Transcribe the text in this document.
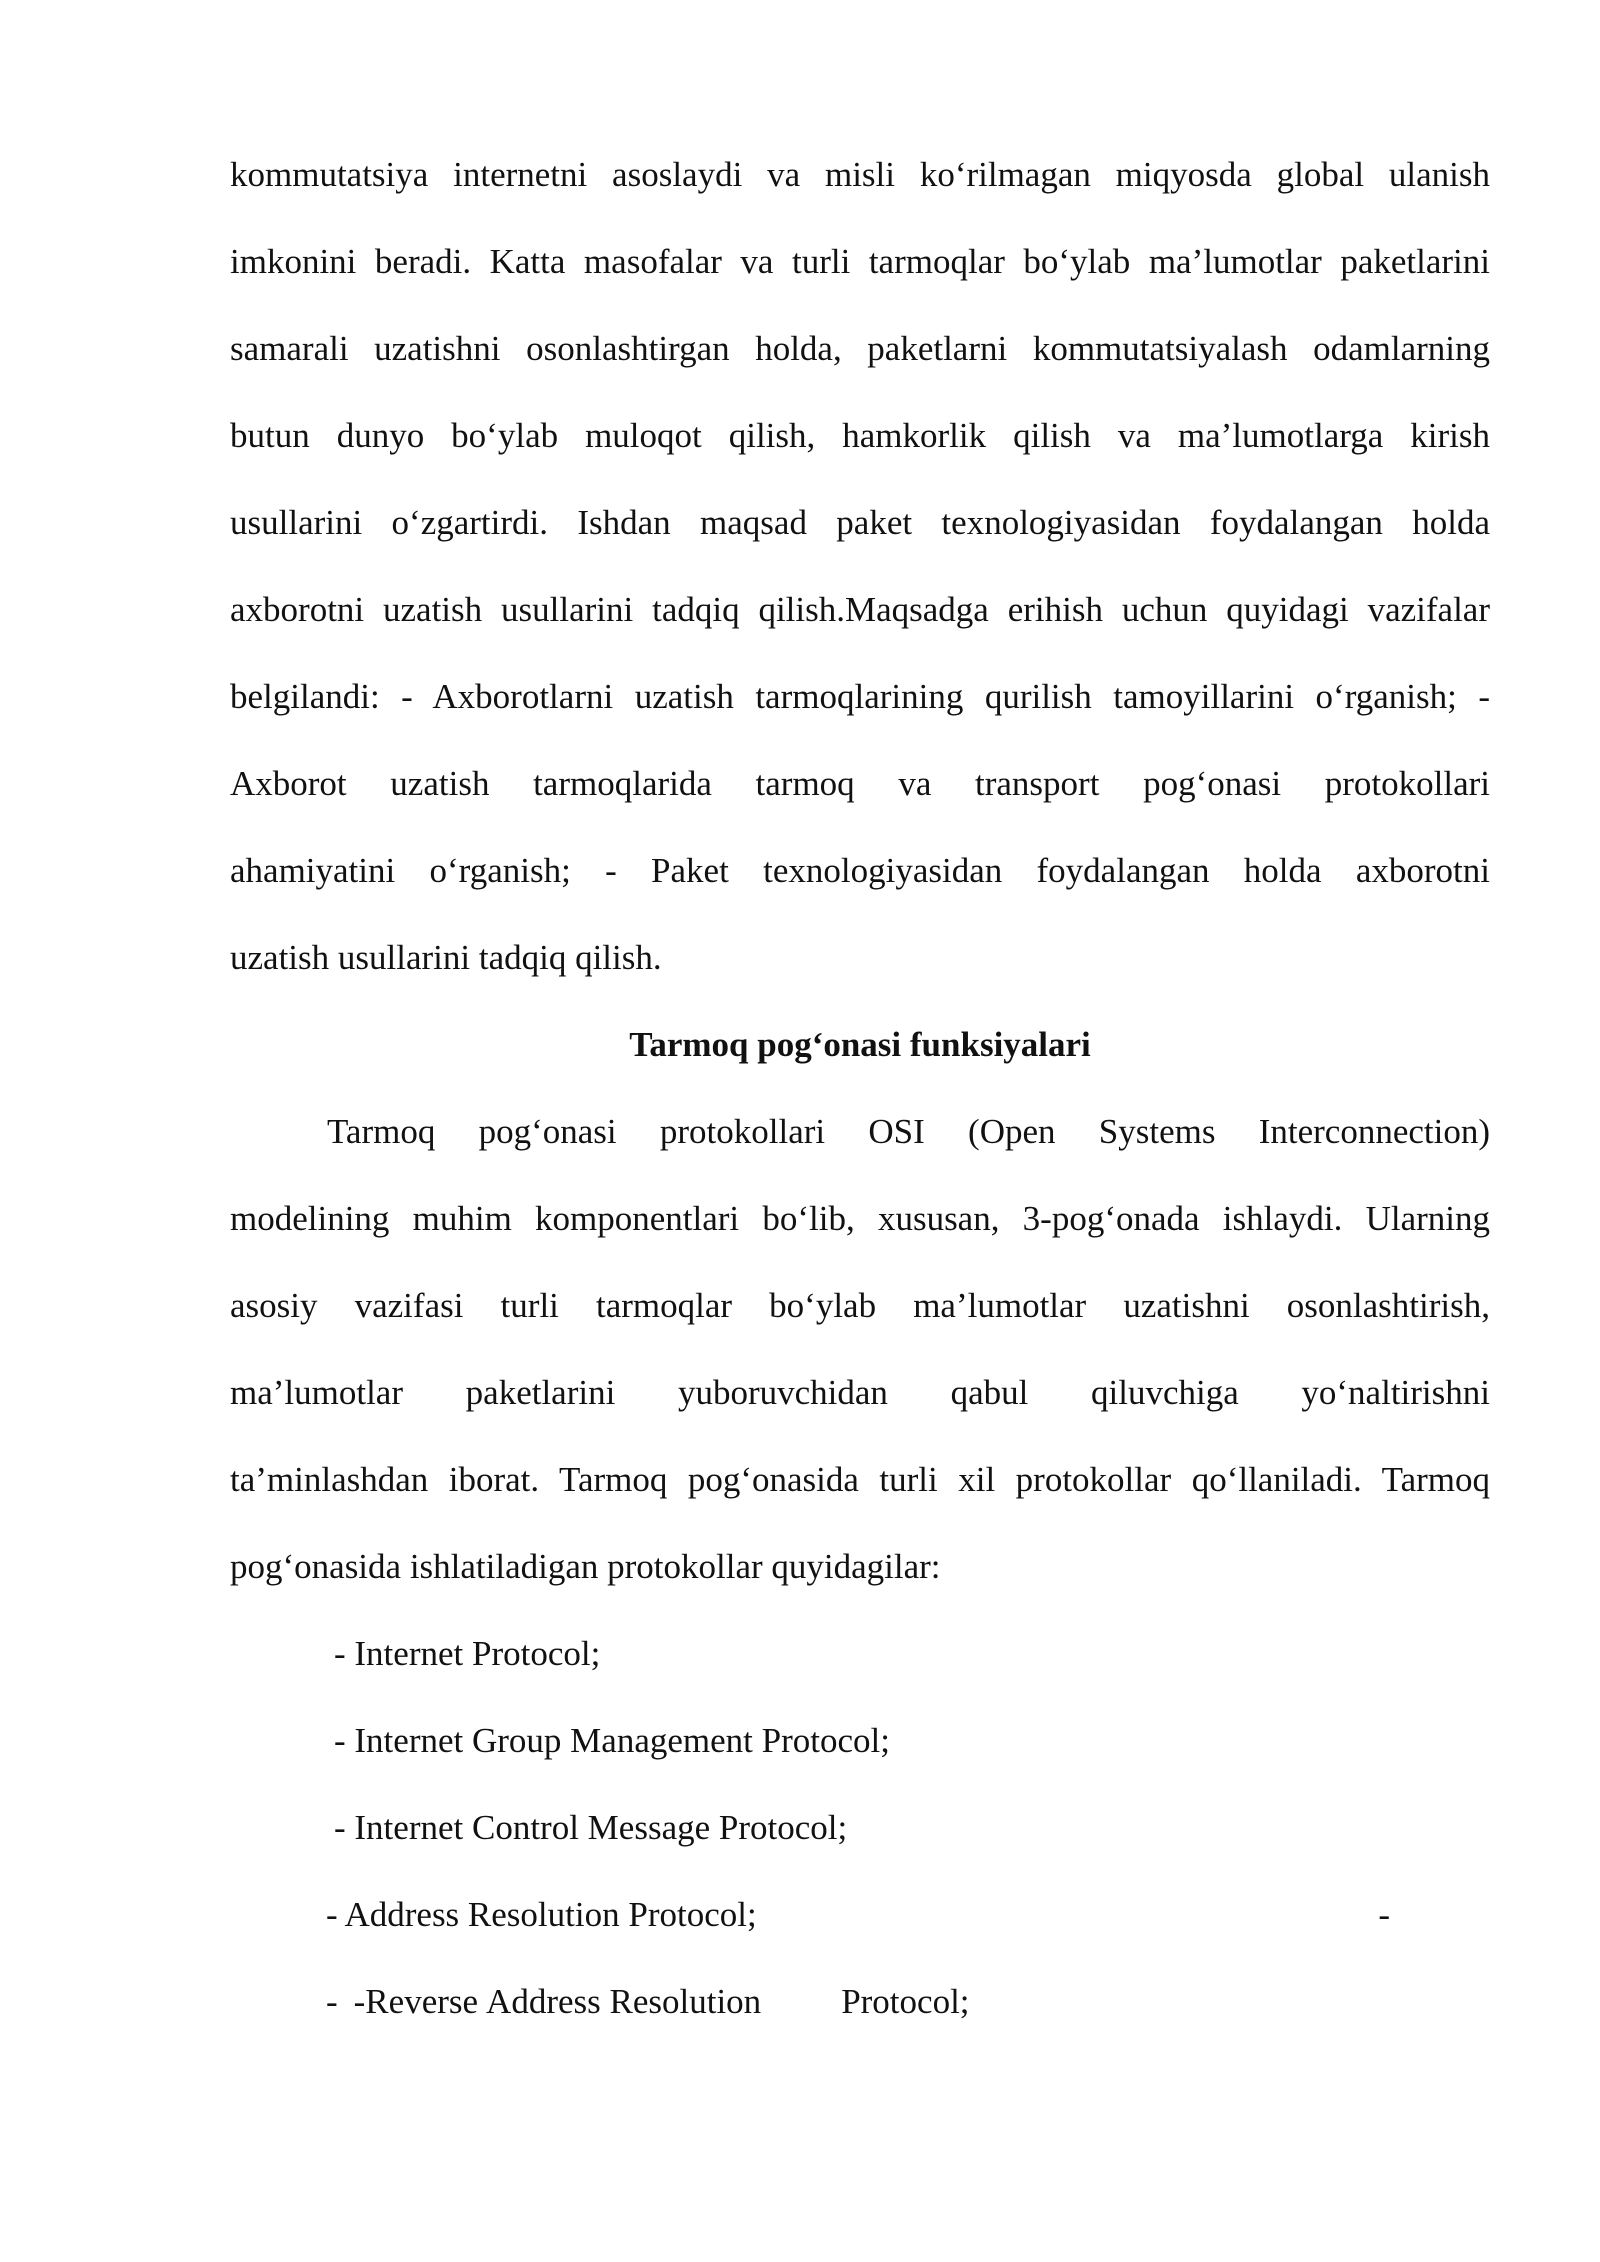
kommutatsiya internetni asoslaydi va misli ko‘rilmagan miqyosda global ulanish
imkonini beradi. Katta masofalar va turli tarmoqlar bo‘ylab ma’lumotlar paketlarini
samarali uzatishni osonlashtirgan holda, paketlarni kommutatsiyalash odamlarning
butun dunyo bo‘ylab muloqot qilish, hamkorlik qilish va ma’lumotlarga kirish
usullarini o‘zgartirdi. Ishdan maqsad paket texnologiyasidan foydalangan holda
axborotni uzatish usullarini tadqiq qilish.Maqsadga erihish uchun quyidagi vazifalar
belgilandi: - Axborotlarni uzatish tarmoqlarining qurilish tamoyillarini o‘rganish; -
Axborot uzatish tarmoqlarida tarmoq va transport pog‘onasi protokollari
ahamiyatini o‘rganish; - Paket texnologiyasidan foydalangan holda axborotni
uzatish usullarini tadqiq qilish.
Tarmoq pog‘onasi funksiyalari
Tarmoq pog‘onasi protokollari OSI (Open Systems Interconnection)
modelining muhim komponentlari bo‘lib, xususan, 3-pog‘onada ishlaydi. Ularning
asosiy vazifasi turli tarmoqlar bo‘ylab ma’lumotlar uzatishni osonlashtirish,
ma’lumotlar paketlarini yuboruvchidan qabul qiluvchiga yo‘naltirishni
ta’minlashdan iborat. Tarmoq pog‘onasida turli xil protokollar qo‘llaniladi. Tarmoq
pog‘onasida ishlatiladigan protokollar quyidagilar:
- Internet Protocol;
- Internet Group Management Protocol;
- Internet Control Message Protocol;
- Address Resolution Protocol;	-
- -Reverse Address Resolution Protocol;
